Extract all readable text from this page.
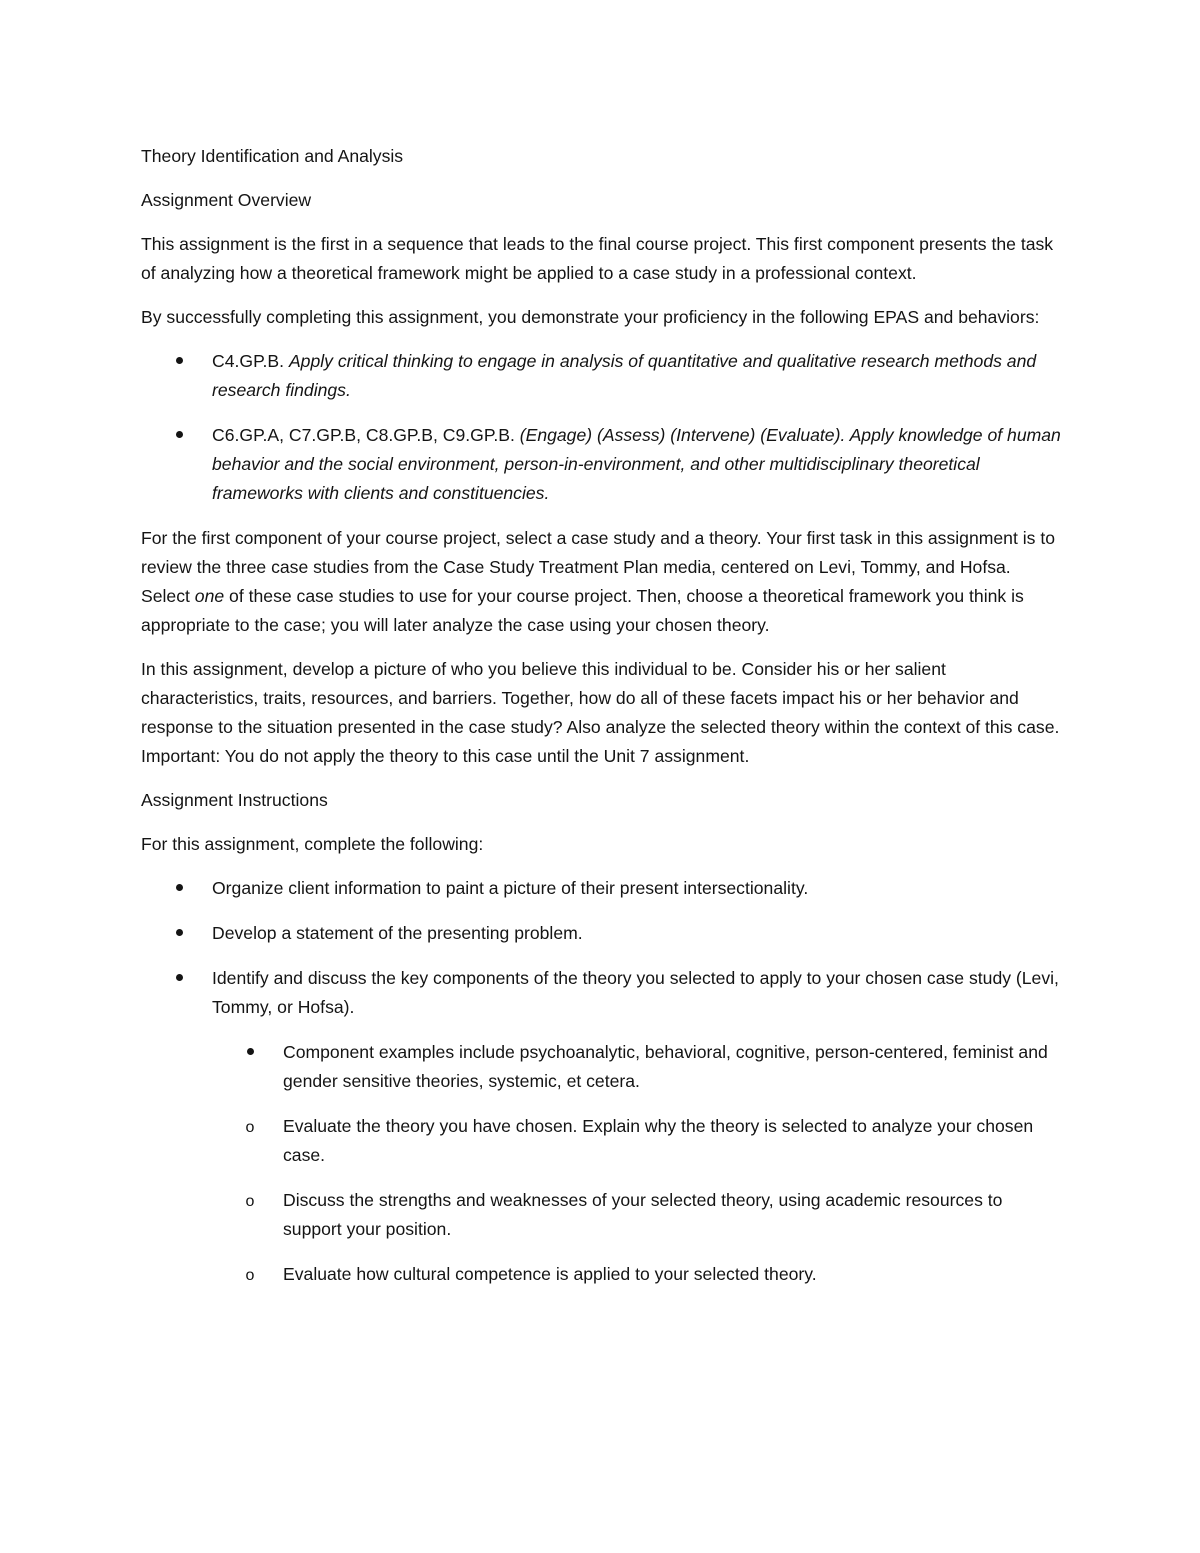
Theory Identification and Analysis

Assignment Overview

This assignment is the first in a sequence that leads to the final course project. This first component presents the task of analyzing how a theoretical framework might be applied to a case study in a professional context.

By successfully completing this assignment, you demonstrate your proficiency in the following EPAS and behaviors:

C4.GP.B. Apply critical thinking to engage in analysis of quantitative and qualitative research methods and research findings.
C6.GP.A, C7.GP.B, C8.GP.B, C9.GP.B. (Engage) (Assess) (Intervene) (Evaluate). Apply knowledge of human behavior and the social environment, person-in-environment, and other multidisciplinary theoretical frameworks with clients and constituencies.

For the first component of your course project, select a case study and a theory. Your first task in this assignment is to review the three case studies from the Case Study Treatment Plan media, centered on Levi, Tommy, and Hofsa. Select one of these case studies to use for your course project. Then, choose a theoretical framework you think is appropriate to the case; you will later analyze the case using your chosen theory.

In this assignment, develop a picture of who you believe this individual to be. Consider his or her salient characteristics, traits, resources, and barriers. Together, how do all of these facets impact his or her behavior and response to the situation presented in the case study? Also analyze the selected theory within the context of this case. Important: You do not apply the theory to this case until the Unit 7 assignment.

Assignment Instructions

For this assignment, complete the following:

Organize client information to paint a picture of their present intersectionality.
Develop a statement of the presenting problem.
Identify and discuss the key components of the theory you selected to apply to your chosen case study (Levi, Tommy, or Hofsa).
Component examples include psychoanalytic, behavioral, cognitive, person-centered, feminist and gender sensitive theories, systemic, et cetera.
o	Evaluate the theory you have chosen. Explain why the theory is selected to analyze your chosen case.
o	Discuss the strengths and weaknesses of your selected theory, using academic resources to support your position.
o	Evaluate how cultural competence is applied to your selected theory.
